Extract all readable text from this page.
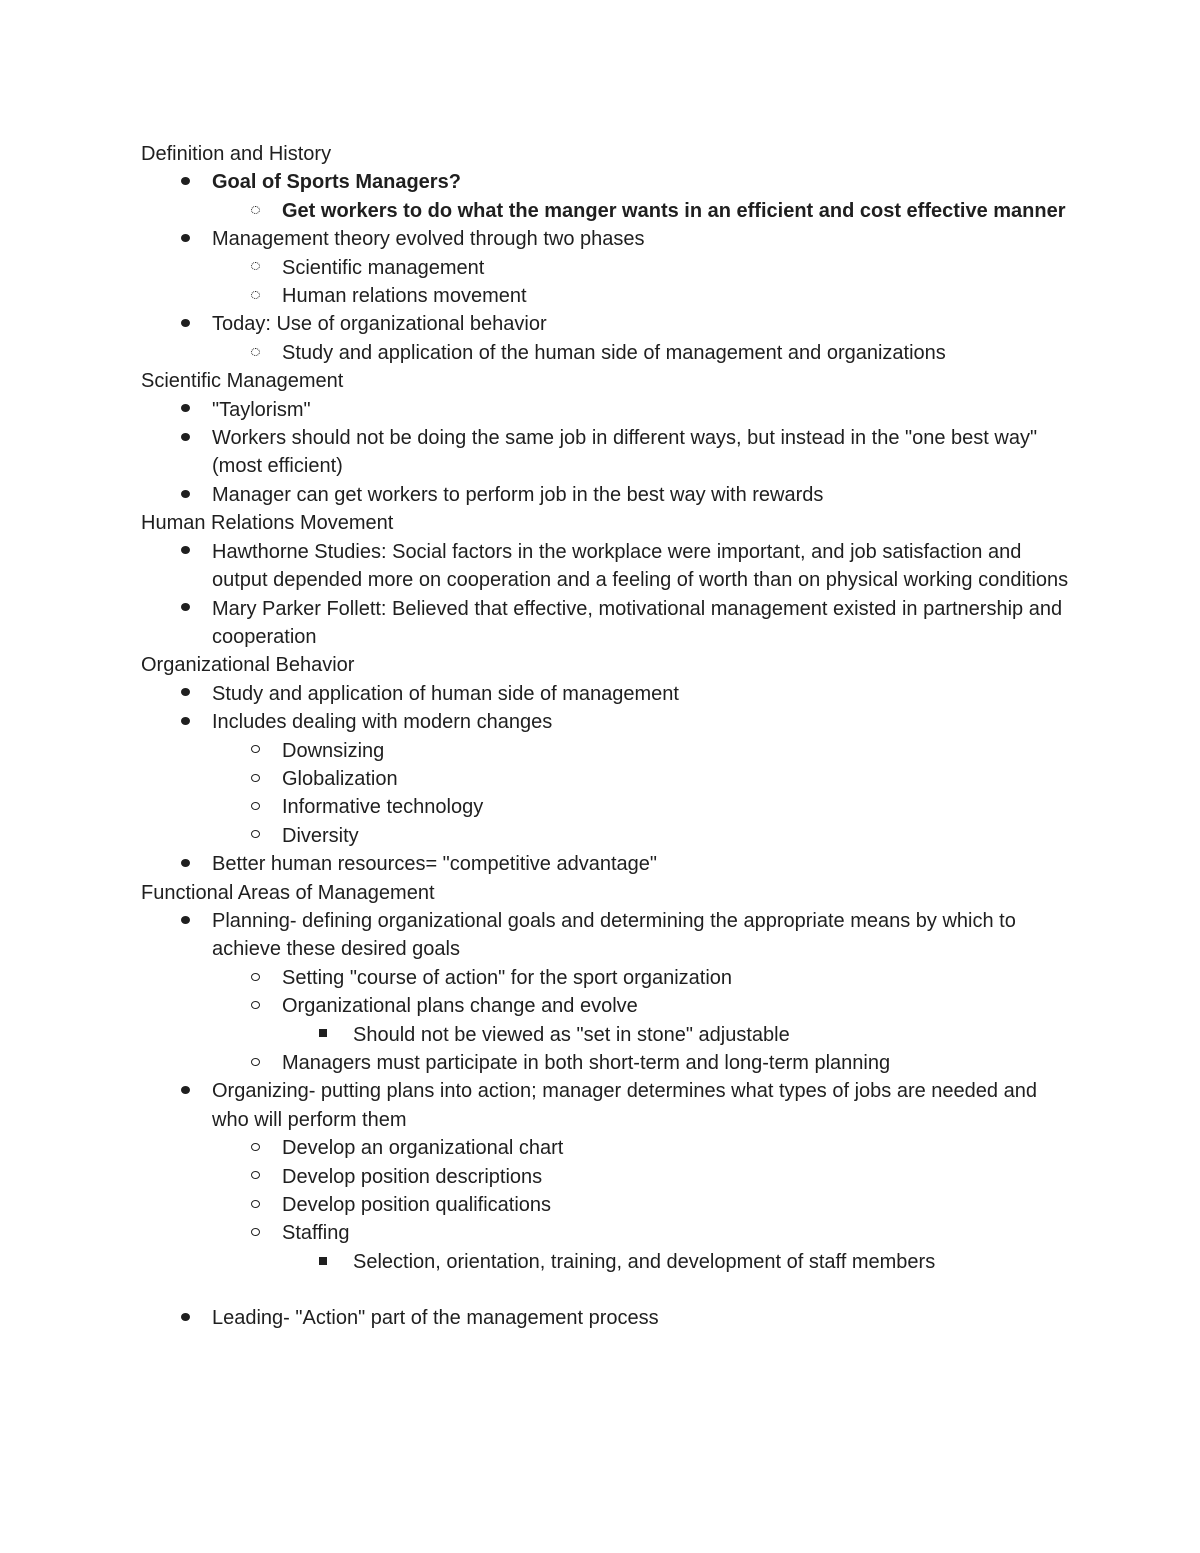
Definition and History
Goal of Sports Managers?
Get workers to do what the manger wants in an efficient and cost effective manner
Management theory evolved through two phases
Scientific management
Human relations movement
Today: Use of organizational behavior
Study and application of the human side of management and organizations
Scientific Management
"Taylorism"
Workers should not be doing the same job in different ways, but instead in the "one best way" (most efficient)
Manager can get workers to perform job in the best way with rewards
Human Relations Movement
Hawthorne Studies: Social factors in the workplace were important, and job satisfaction and output depended more on cooperation and a feeling of worth than on physical working conditions
Mary Parker Follett: Believed that effective, motivational management existed in partnership and cooperation
Organizational Behavior
Study and application of human side of management
Includes dealing with modern changes
Downsizing
Globalization
Informative technology
Diversity
Better human resources= "competitive advantage"
Functional Areas of Management
Planning- defining organizational goals and determining the appropriate means by which to achieve these desired goals
Setting "course of action" for the sport organization
Organizational plans change and evolve
Should not be viewed as "set in stone" adjustable
Managers must participate in both short-term and long-term planning
Organizing- putting plans into action; manager determines what types of jobs are needed and who will perform them
Develop an organizational chart
Develop position descriptions
Develop position qualifications
Staffing
Selection, orientation, training, and development of staff members
Leading- "Action" part of the management process
